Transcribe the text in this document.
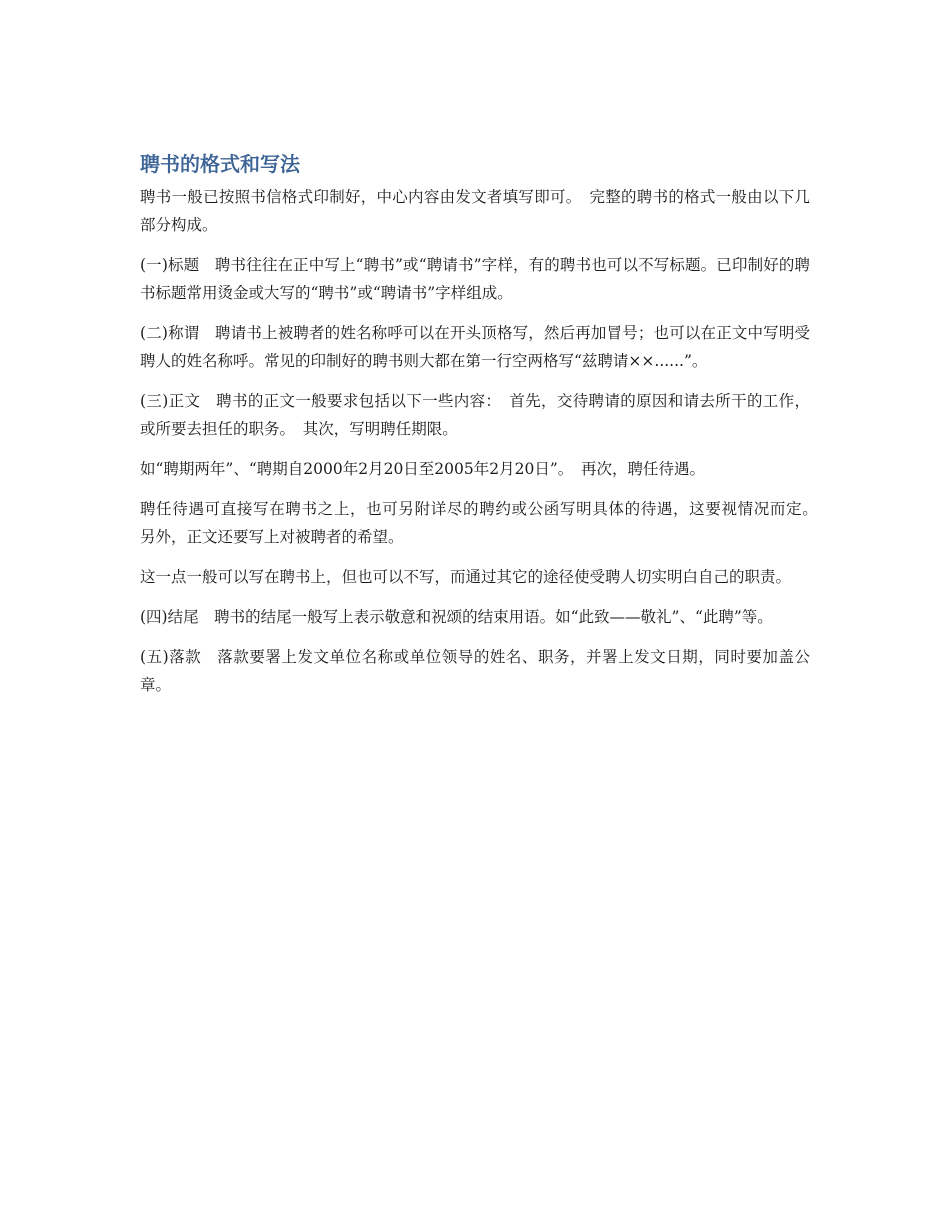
聘书的格式和写法

聘书一般已按照书信格式印制好，中心内容由发文者填写即可。　完整的聘书的格式一般由以下几部分构成。

(一)标题　聘书往往在正中写上“聘书”或“聘请书”字样，有的聘书也可以不写标题。已印制好的聘书标题常用烫金或大写的“聘书”或“聘请书”字样组成。

(二)称谓　聘请书上被聘者的姓名称呼可以在开头顶格写，然后再加冒号；也可以在正文中写明受聘人的姓名称呼。常见的印制好的聘书则大都在第一行空两格写“兹聘请××......”。

(三)正文　聘书的正文一般要求包括以下一些内容：　首先，交待聘请的原因和请去所干的工作，或所要去担任的职务。　其次，写明聘任期限。

如“聘期两年”、“聘期自2000年2月20日至2005年2月20日”。　再次，聘任待遇。

聘任待遇可直接写在聘书之上，也可另附详尽的聘约或公函写明具体的待遇，这要视情况而定。　另外，正文还要写上对被聘者的希望。

这一点一般可以写在聘书上，但也可以不写，而通过其它的途径使受聘人切实明白自己的职责。

(四)结尾　聘书的结尾一般写上表示敬意和祝颂的结束用语。如“此致——敬礼”、“此聘”等。

(五)落款　落款要署上发文单位名称或单位领导的姓名、职务，并署上发文日期，同时要加盖公章。
